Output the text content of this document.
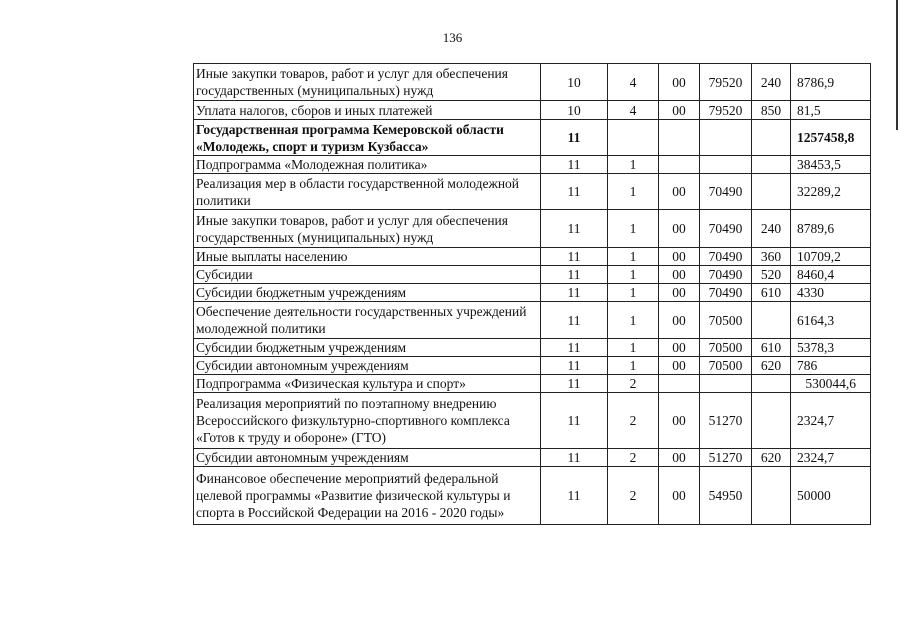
136
Иные закупки товаров, работ и услуг для обеспечения государственных (муниципальных) нужд	10	4	00	79520	240	8786,9
Уплата налогов, сборов и иных платежей	10	4	00	79520	850	81,5
Государственная программа Кемеровской области «Молодежь, спорт и туризм Кузбасса»	11					1257458,8
Подпрограмма «Молодежная политика»	11	1				38453,5
Реализация мер в области государственной молодежной политики	11	1	00	70490		32289,2
Иные закупки товаров, работ и услуг для обеспечения государственных (муниципальных) нужд	11	1	00	70490	240	8789,6
Иные выплаты населению	11	1	00	70490	360	10709,2
Субсидии	11	1	00	70490	520	8460,4
Субсидии бюджетным учреждениям	11	1	00	70490	610	4330
Обеспечение деятельности государственных учреждений молодежной политики	11	1	00	70500		6164,3
Субсидии бюджетным учреждениям	11	1	00	70500	610	5378,3
Субсидии автономным учреждениям	11	1	00	70500	620	786
Подпрограмма «Физическая культура и спорт»	11	2				530044,6
Реализация мероприятий по поэтапному внедрению Всероссийского физкультурно-спортивного комплекса «Готов к труду и обороне» (ГТО)	11	2	00	51270		2324,7
Субсидии автономным учреждениям	11	2	00	51270	620	2324,7
Финансовое обеспечение мероприятий федеральной целевой программы «Развитие физической культуры и спорта в Российской Федерации на 2016 - 2020 годы»	11	2	00	54950		50000
